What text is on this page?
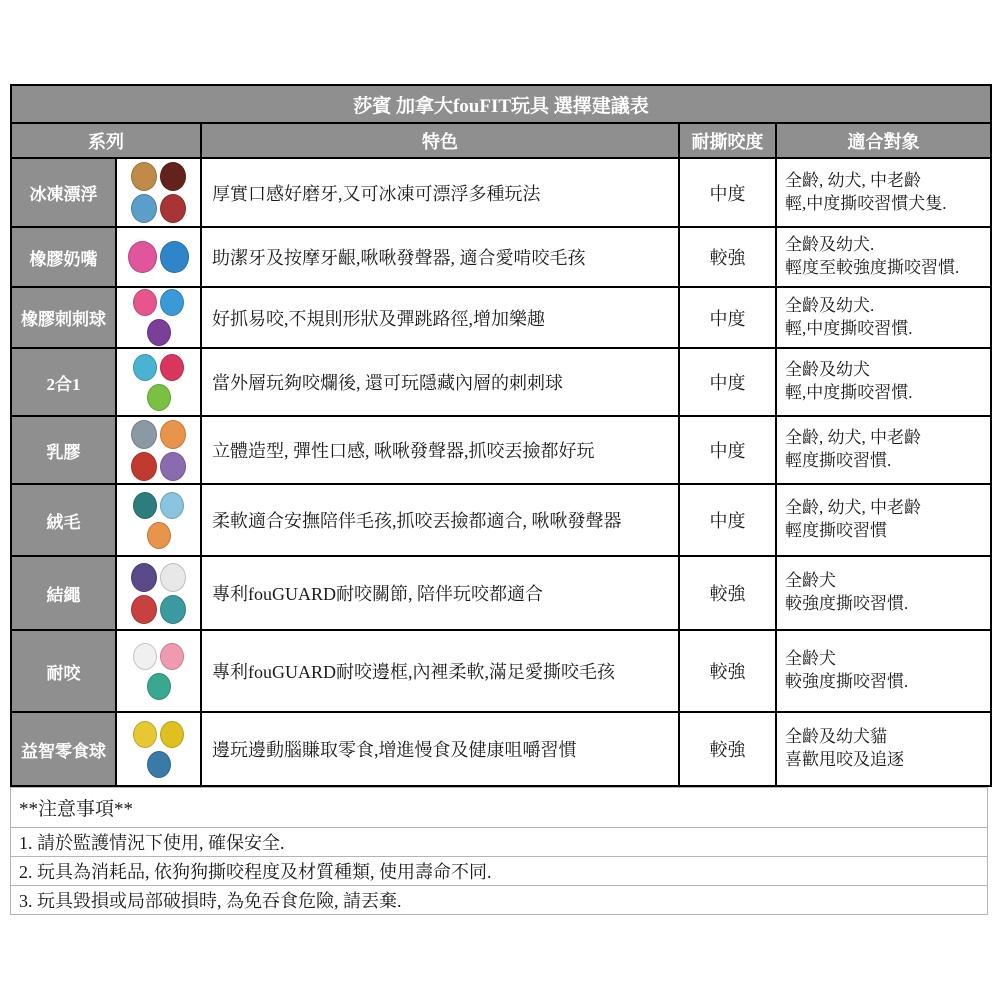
莎賓 加拿大fouFIT玩具 選擇建議表				
系列		特色	耐撕咬度	適合對象
冰凍漂浮		厚實口感好磨牙,又可冰凍可漂浮多種玩法	中度	全齡, 幼犬, 中老齡
輕,中度撕咬習慣犬隻.

橡膠奶嘴		助潔牙及按摩牙齦,啾啾發聲器, 適合愛啃咬毛孩	較強	全齡及幼犬.
輕度至較強度撕咬習慣.

橡膠刺刺球		好抓易咬,不規則形狀及彈跳路徑,增加樂趣	中度	全齡及幼犬.
輕,中度撕咬習慣.

2合1		當外層玩夠咬爛後, 還可玩隱藏內層的刺刺球	中度	全齡及幼犬
輕,中度撕咬習慣.

乳膠		立體造型, 彈性口感, 啾啾發聲器,抓咬丟撿都好玩	中度	全齡, 幼犬, 中老齡
輕度撕咬習慣.

絨毛		柔軟適合安撫陪伴毛孩,抓咬丟撿都適合, 啾啾發聲器	中度	全齡, 幼犬, 中老齡
輕度撕咬習慣

結繩		專利fouGUARD耐咬關節, 陪伴玩咬都適合	較強	全齡犬
較強度撕咬習慣.

耐咬		專利fouGUARD耐咬邊框,內裡柔軟,滿足愛撕咬毛孩	較強	全齡犬
較強度撕咬習慣.

益智零食球		邊玩邊動腦賺取零食,增進慢食及健康咀嚼習慣	較強	全齡及幼犬貓
喜歡甩咬及追逐
**注意事項**
1. 請於監護情況下使用, 確保安全.
2. 玩具為消耗品, 依狗狗撕咬程度及材質種類, 使用壽命不同.
3. 玩具毀損或局部破損時, 為免吞食危險, 請丟棄.
